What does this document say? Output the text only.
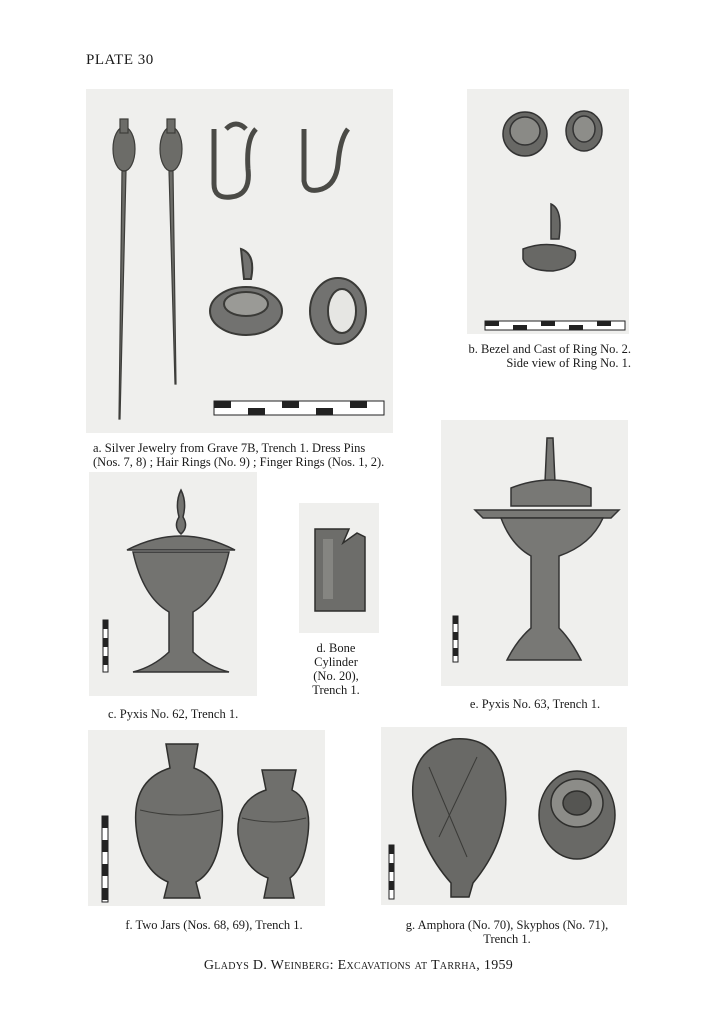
PLATE 30
b. Bezel and Cast of Ring No. 2. Side view of Ring No. 1.
a. Silver Jewelry from Grave 7B, Trench 1. Dress Pins (Nos. 7, 8) ; Hair Rings (No. 9) ; Finger Rings (Nos. 1, 2).
c. Pyxis No. 62, Trench 1.
d. Bone Cylinder (No. 20), Trench 1.
e. Pyxis No. 63, Trench 1.
f. Two Jars (Nos. 68, 69), Trench 1.	g. Amphora (No. 70), Skyphos (No. 71), Trench 1.
Gladys D. Weinberg: Excavations at Tarrha, 1959
